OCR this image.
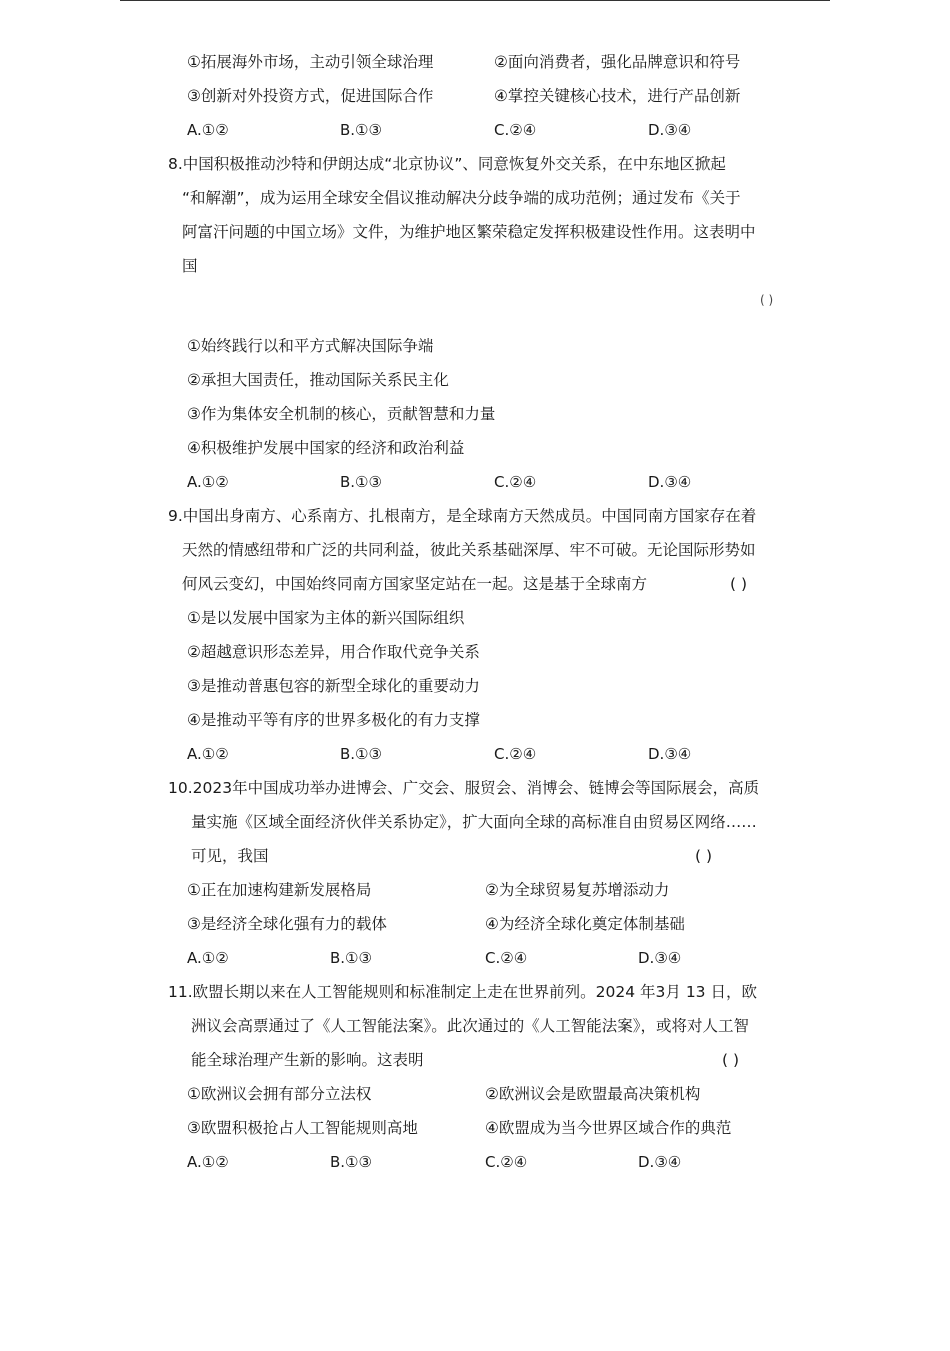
①拓展海外市场，主动引领全球治理	②面向消费者，强化品牌意识和符号
③创新对外投资方式，促进国际合作	④掌控关键核心技术，进行产品创新
A.①②	B.①③	C.②④	D.③④
8.中国积极推动沙特和伊朗达成“北京协议”、同意恢复外交关系，在中东地区掀起
“和解潮”，成为运用全球安全倡议推动解决分歧争端的成功范例；通过发布《关于
阿富汗问题的中国立场》文件，为维护地区繁荣稳定发挥积极建设性作用。这表明中
国
( )
①始终践行以和平方式解决国际争端
②承担大国责任，推动国际关系民主化
③作为集体安全机制的核心，贡献智慧和力量
④积极维护发展中国家的经济和政治利益
A.①②	B.①③	C.②④	D.③④
9.中国出身南方、心系南方、扎根南方，是全球南方天然成员。中国同南方国家存在着
天然的情感纽带和广泛的共同利益，彼此关系基础深厚、牢不可破。无论国际形势如
何风云变幻，中国始终同南方国家坚定站在一起。这是基于全球南方	( )
①是以发展中国家为主体的新兴国际组织
②超越意识形态差异，用合作取代竞争关系
③是推动普惠包容的新型全球化的重要动力
④是推动平等有序的世界多极化的有力支撑
A.①②	B.①③	C.②④	D.③④
10.2023年中国成功举办进博会、广交会、服贸会、消博会、链博会等国际展会，高质
量实施《区域全面经济伙伴关系协定》，扩大面向全球的高标准自由贸易区网络……
可见，我国	( )
①正在加速构建新发展格局	②为全球贸易复苏增添动力
③是经济全球化强有力的载体	④为经济全球化奠定体制基础
A.①②	B.①③	C.②④	D.③④
11.欧盟长期以来在人工智能规则和标准制定上走在世界前列。2024 年3月 13 日，欧
洲议会高票通过了《人工智能法案》。此次通过的《人工智能法案》，或将对人工智
能全球治理产生新的影响。这表明	( )
①欧洲议会拥有部分立法权	②欧洲议会是欧盟最高决策机构
③欧盟积极抢占人工智能规则高地	④欧盟成为当今世界区域合作的典范
A.①②	B.①③	C.②④	D.③④
